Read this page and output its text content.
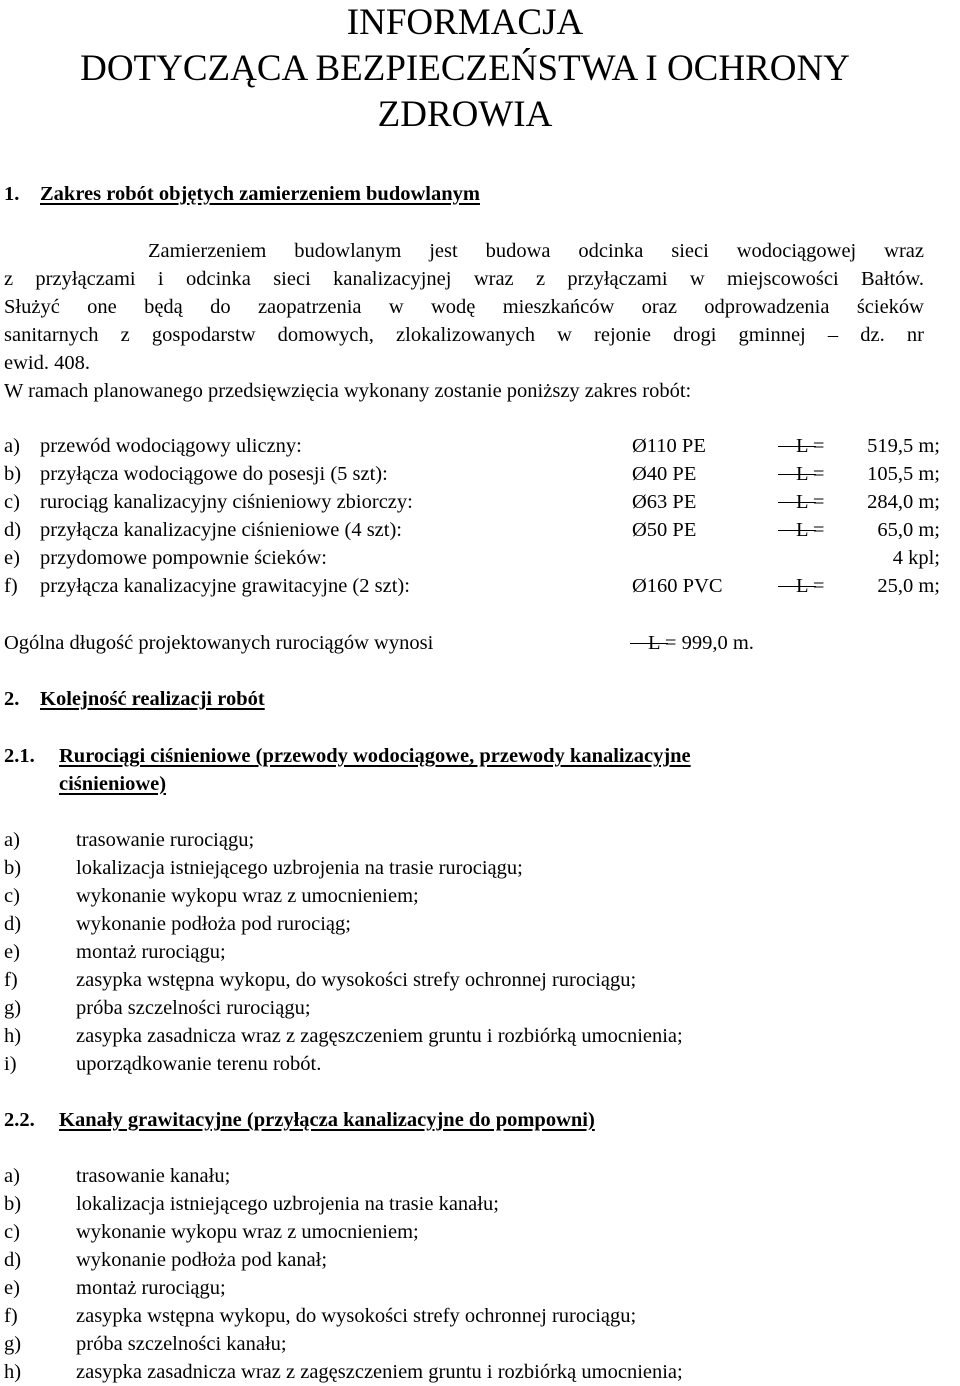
INFORMACJA
DOTYCZĄCA BEZPIECZEŃSTWA I OCHRONY
ZDROWIA
1. Zakres robót objętych zamierzeniem budowlanym
Zamierzeniem budowlanym jest budowa odcinka sieci wodociągowej wraz
z przyłączami i odcinka sieci kanalizacyjnej wraz z przyłączami w miejscowości Bałtów.
Służyć one będą do zaopatrzenia w wodę mieszkańców oraz odprowadzenia ścieków
sanitarnych z gospodarstw domowych, zlokalizowanych w rejonie drogi gminnej – dz. nr
ewid. 408.
W ramach planowanego przedsięwzięcia wykonany zostanie poniższy zakres robót:
a) przewód wodociągowy uliczny:	Ø110 PE	L = 519,5 m;
b) przyłącza wodociągowe do posesji (5 szt):	Ø40 PE	L = 105,5 m;
c) rurociąg kanalizacyjny ciśnieniowy zbiorczy:	Ø63 PE	L = 284,0 m;
d) przyłącza kanalizacyjne ciśnieniowe (4 szt):	Ø50 PE	L =	65,0 m;
e) przydomowe pompownie ścieków:	4 kpl;
f) przyłącza kanalizacyjne grawitacyjne (2 szt):	Ø160 PVC	L =	25,0 m;
Ogólna długość projektowanych rurociągów wynosi	L = 999,0 m.
2. Kolejność realizacji robót
2.1. Rurociągi ciśnieniowe (przewody wodociągowe, przewody kanalizacyjne
ciśnieniowe)
a)	trasowanie rurociągu;
b)	lokalizacja istniejącego uzbrojenia na trasie rurociągu;
c)	wykonanie wykopu wraz z umocnieniem;
d)	wykonanie podłoża pod rurociąg;
e)	montaż rurociągu;
f)	zasypka wstępna wykopu, do wysokości strefy ochronnej rurociągu;
g)	próba szczelności rurociągu;
h)	zasypka zasadnicza wraz z zagęszczeniem gruntu i rozbiórką umocnienia;
i)	uporządkowanie terenu robót.
2.2. Kanały grawitacyjne (przyłącza kanalizacyjne do pompowni)
a)	trasowanie kanału;
b)	lokalizacja istniejącego uzbrojenia na trasie kanału;
c)	wykonanie wykopu wraz z umocnieniem;
d)	wykonanie podłoża pod kanał;
e)	montaż rurociągu;
f)	zasypka wstępna wykopu, do wysokości strefy ochronnej rurociągu;
g)	próba szczelności kanału;
h)	zasypka zasadnicza wraz z zagęszczeniem gruntu i rozbiórką umocnienia;
